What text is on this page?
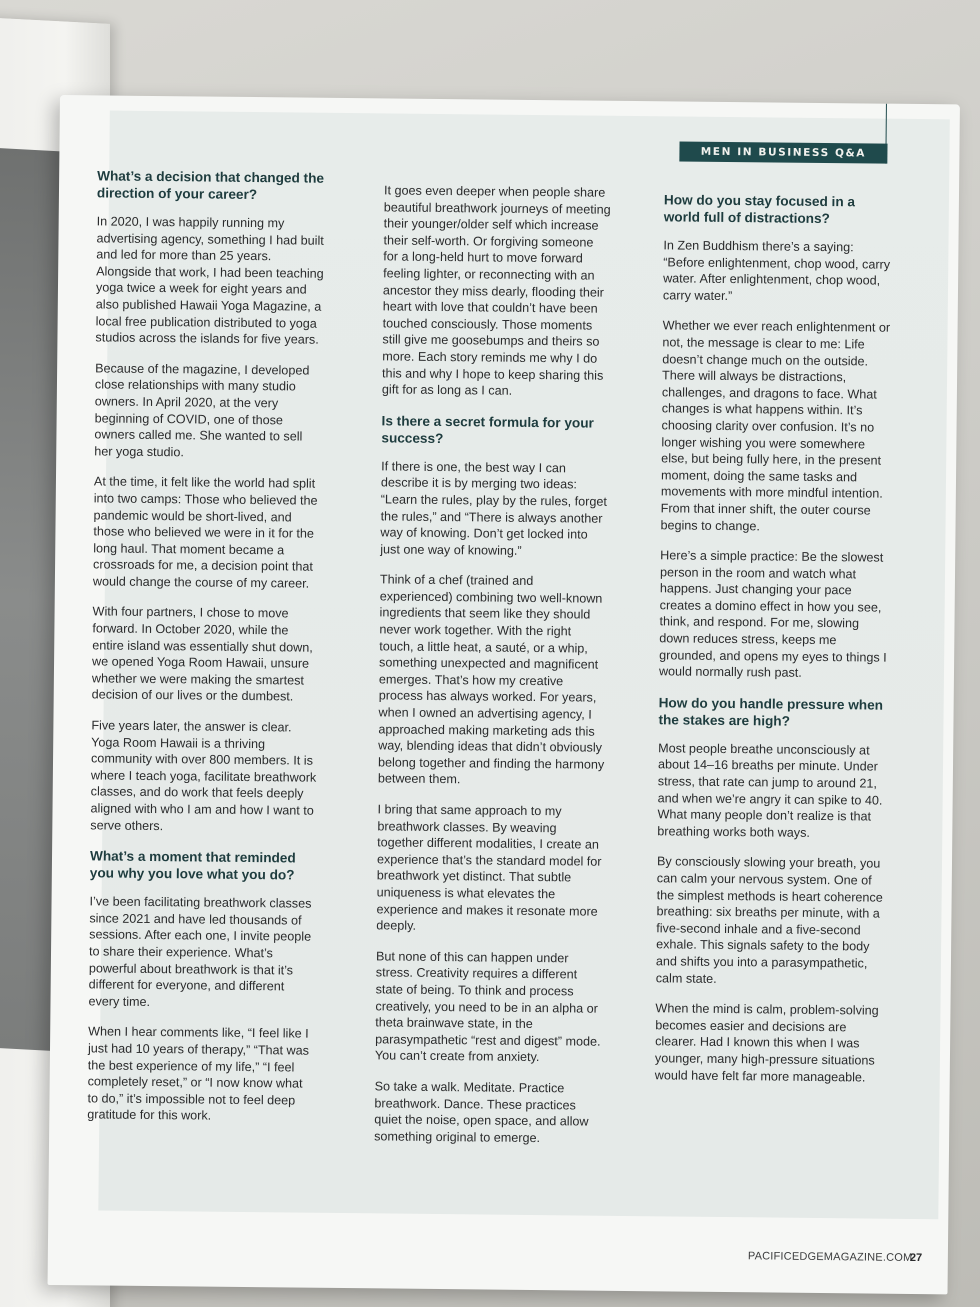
MEN IN BUSINESS Q&A
What’s a decision that changed the direction of your career?

In 2020, I was happily running my advertising agency, something I had built and led for more than 25 years. Alongside that work, I had been teaching yoga twice a week for eight years and also published Hawaii Yoga Magazine, a local free publication distributed to yoga studios across the islands for five years.

Because of the magazine, I developed close relationships with many studio owners. In April 2020, at the very beginning of COVID, one of those owners called me. She wanted to sell her yoga studio.

At the time, it felt like the world had split into two camps: Those who believed the pandemic would be short-lived, and those who believed we were in it for the long haul. That moment became a crossroads for me, a decision point that would change the course of my career.

With four partners, I chose to move forward. In October 2020, while the entire island was essentially shut down, we opened Yoga Room Hawaii, unsure whether we were making the smartest decision of our lives or the dumbest.

Five years later, the answer is clear. Yoga Room Hawaii is a thriving community with over 800 members. It is where I teach yoga, facilitate breathwork classes, and do work that feels deeply aligned with who I am and how I want to serve others.

What’s a moment that reminded you why you love what you do?

I’ve been facilitating breathwork classes since 2021 and have led thousands of sessions. After each one, I invite people to share their experience. What’s powerful about breathwork is that it’s different for everyone, and different every time.

When I hear comments like, “I feel like I just had 10 years of therapy,” “That was the best experience of my life,” “I feel completely reset,” or “I now know what to do,” it’s impossible not to feel deep gratitude for this work.

It goes even deeper when people share beautiful breathwork journeys of meeting their younger/older self which increase their self-worth. Or forgiving someone for a long-held hurt to move forward feeling lighter, or reconnecting with an ancestor they miss dearly, flooding their heart with love that couldn’t have been touched consciously. Those moments still give me goosebumps and theirs so more. Each story reminds me why I do this and why I hope to keep sharing this gift for as long as I can.

Is there a secret formula for your success?

If there is one, the best way I can describe it is by merging two ideas: “Learn the rules, play by the rules, forget the rules,” and “There is always another way of knowing. Don’t get locked into just one way of knowing.”

Think of a chef (trained and experienced) combining two well-known ingredients that seem like they should never work together. With the right touch, a little heat, a sauté, or a whip, something unexpected and magnificent emerges. That’s how my creative process has always worked. For years, when I owned an advertising agency, I approached making marketing ads this way, blending ideas that didn’t obviously belong together and finding the harmony between them.

I bring that same approach to my breathwork classes. By weaving together different modalities, I create an experience that’s the standard model for breathwork yet distinct. That subtle uniqueness is what elevates the experience and makes it resonate more deeply.

But none of this can happen under stress. Creativity requires a different state of being. To think and process creatively, you need to be in an alpha or theta brainwave state, in the parasympathetic “rest and digest” mode. You can’t create from anxiety.

So take a walk. Meditate. Practice breathwork. Dance. These practices quiet the noise, open space, and allow something original to emerge.

How do you stay focused in a world full of distractions?

In Zen Buddhism there’s a saying: “Before enlightenment, chop wood, carry water. After enlightenment, chop wood, carry water.”

Whether we ever reach enlightenment or not, the message is clear to me: Life doesn’t change much on the outside. There will always be distractions, challenges, and dragons to face. What changes is what happens within. It’s choosing clarity over confusion. It’s no longer wishing you were somewhere else, but being fully here, in the present moment, doing the same tasks and movements with more mindful intention. From that inner shift, the outer course begins to change.

Here’s a simple practice: Be the slowest person in the room and watch what happens. Just changing your pace creates a domino effect in how you see, think, and respond. For me, slowing down reduces stress, keeps me grounded, and opens my eyes to things I would normally rush past.

How do you handle pressure when the stakes are high?

Most people breathe unconsciously at about 14–16 breaths per minute. Under stress, that rate can jump to around 21, and when we’re angry it can spike to 40. What many people don’t realize is that breathing works both ways.

By consciously slowing your breath, you can calm your nervous system. One of the simplest methods is heart coherence breathing: six breaths per minute, with a five-second inhale and a five-second exhale. This signals safety to the body and shifts you into a parasympathetic, calm state.

When the mind is calm, problem-solving becomes easier and decisions are clearer. Had I known this when I was younger, many high-pressure situations would have felt far more manageable.

PACIFICEDGEMAGAZINE.COM
27
